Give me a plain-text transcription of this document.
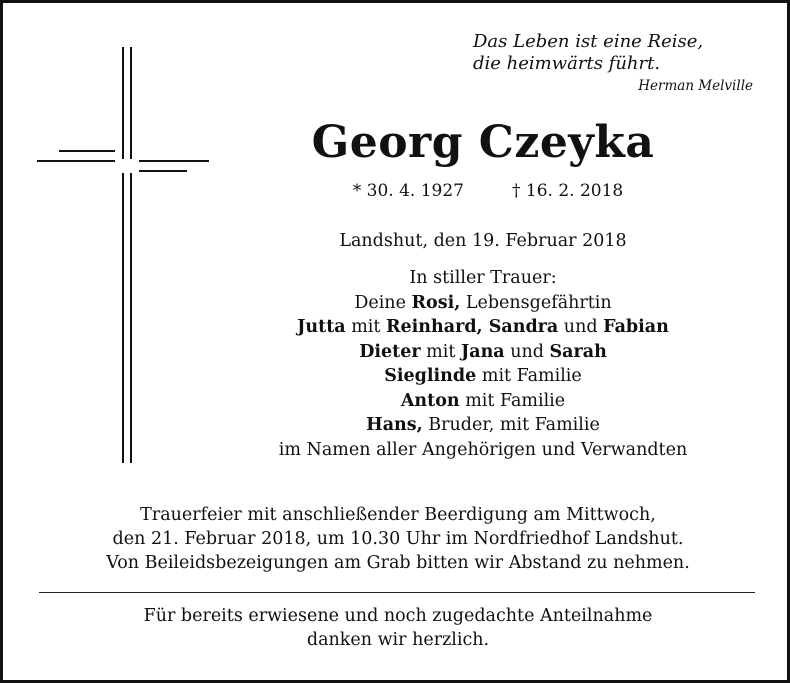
Das Leben ist eine Reise,
die heimwärts führt.
Herman Melville
Georg Czeyka
* 30. 4. 1927	† 16. 2. 2018
Landshut, den 19. Februar 2018
In stiller Trauer:
Deine Rosi, Lebensgefährtin
Jutta mit Reinhard, Sandra und Fabian
Dieter mit Jana und Sarah
Sieglinde mit Familie
Anton mit Familie
Hans, Bruder, mit Familie
im Namen aller Angehörigen und Verwandten
Trauerfeier mit anschließender Beerdigung am Mittwoch,
den 21. Februar 2018, um 10.30 Uhr im Nordfriedhof Landshut.
Von Beileidsbezeigungen am Grab bitten wir Abstand zu nehmen.
Für bereits erwiesene und noch zugedachte Anteilnahme
danken wir herzlich.
